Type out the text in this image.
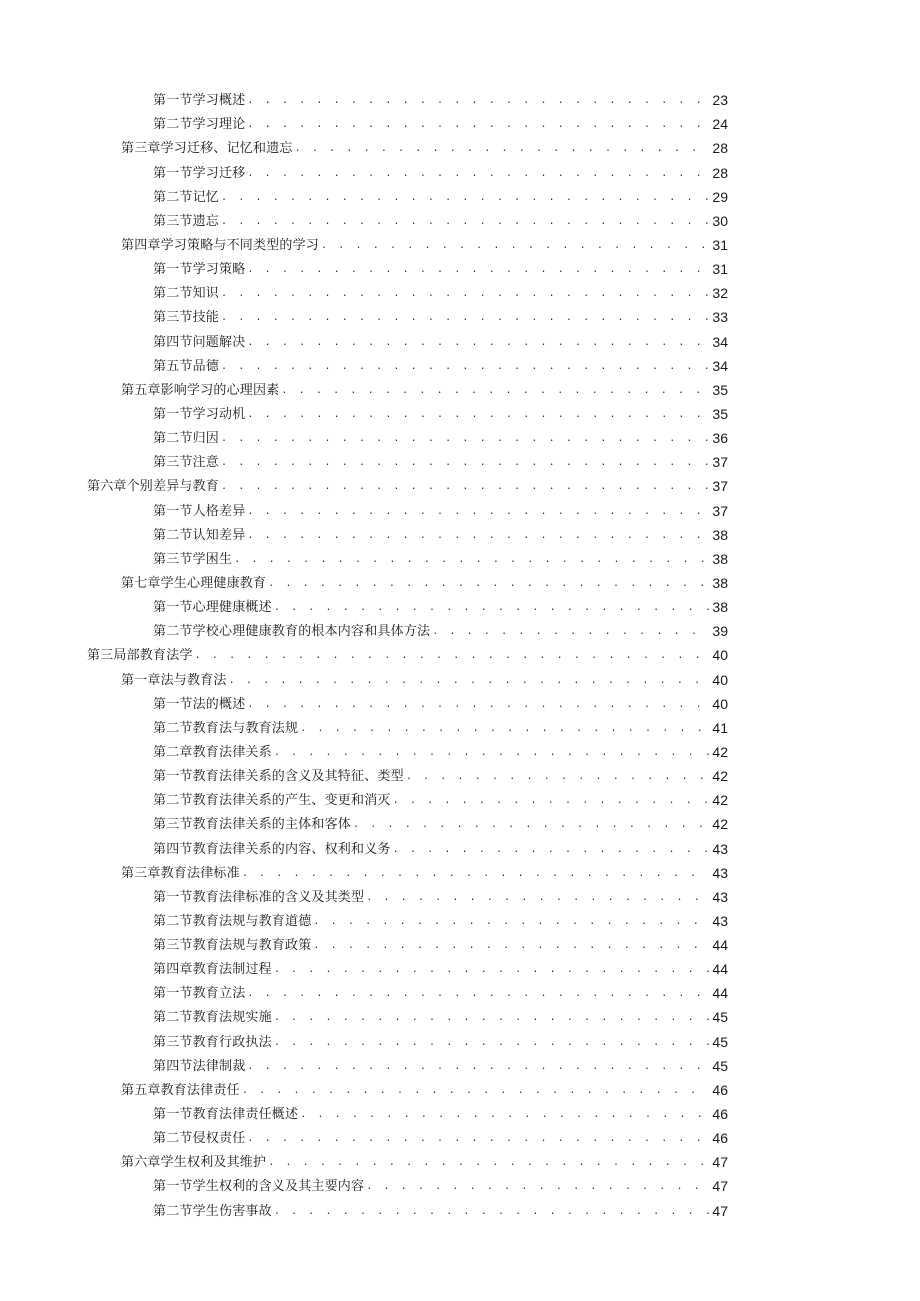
第一节学习概述 . . .	23
第二节学习理论 . . .	24
第三章学习迁移、记忆和遗忘 . . .	28
第一节学习迁移 . . .	28
第二节记忆 . . .	29
第三节遗忘 . . .	30
第四章学习策略与不同类型的学习 . . .	31
第一节学习策略 . . .	31
第二节知识 . . .	32
第三节技能 . . .	33
第四节问题解决 . . .	34
第五节品德 . . .	34
第五章影响学习的心理因素 . . .	35
第一节学习动机 . . .	35
第二节归因 . . .	36
第三节注意 . . .	37
第六章个别差异与教育 . . .	37
第一节人格差异 . . .	37
第二节认知差异 . . .	38
第三节学困生 . . .	38
第七章学生心理健康教育 . . .	38
第一节心理健康概述 . . .	38
第二节学校心理健康教育的根本内容和具体方法 . . .	39
第三局部教育法学 . . .	40
第一章法与教育法 . . .	40
第一节法的概述 . . .	40
第二节教育法与教育法规 . . .	41
第二章教育法律关系 . . .	42
第一节教育法律关系的含义及其特征、类型 . . .	42
第二节教育法律关系的产生、变更和消灭 . . .	42
第三节教育法律关系的主体和客体 . . .	42
第四节教育法律关系的内容、权利和义务 . . .	43
第三章教育法律标准 . . .	43
第一节教育法律标准的含义及其类型 . . .	43
第二节教育法规与教育道德 . . .	43
第三节教育法规与教育政策 . . .	44
第四章教育法制过程 . . .	44
第一节教育立法 . . .	44
第二节教育法规实施 . . .	45
第三节教育行政执法 . . .	45
第四节法律制裁 . . .	45
第五章教育法律责任 . . .	46
第一节教育法律责任概述 . . .	46
第二节侵权责任 . . .	46
第六章学生权利及其维护 . . .	47
第一节学生权利的含义及其主要内容 . . .	47
第二节学生伤害事故 . . .	47
